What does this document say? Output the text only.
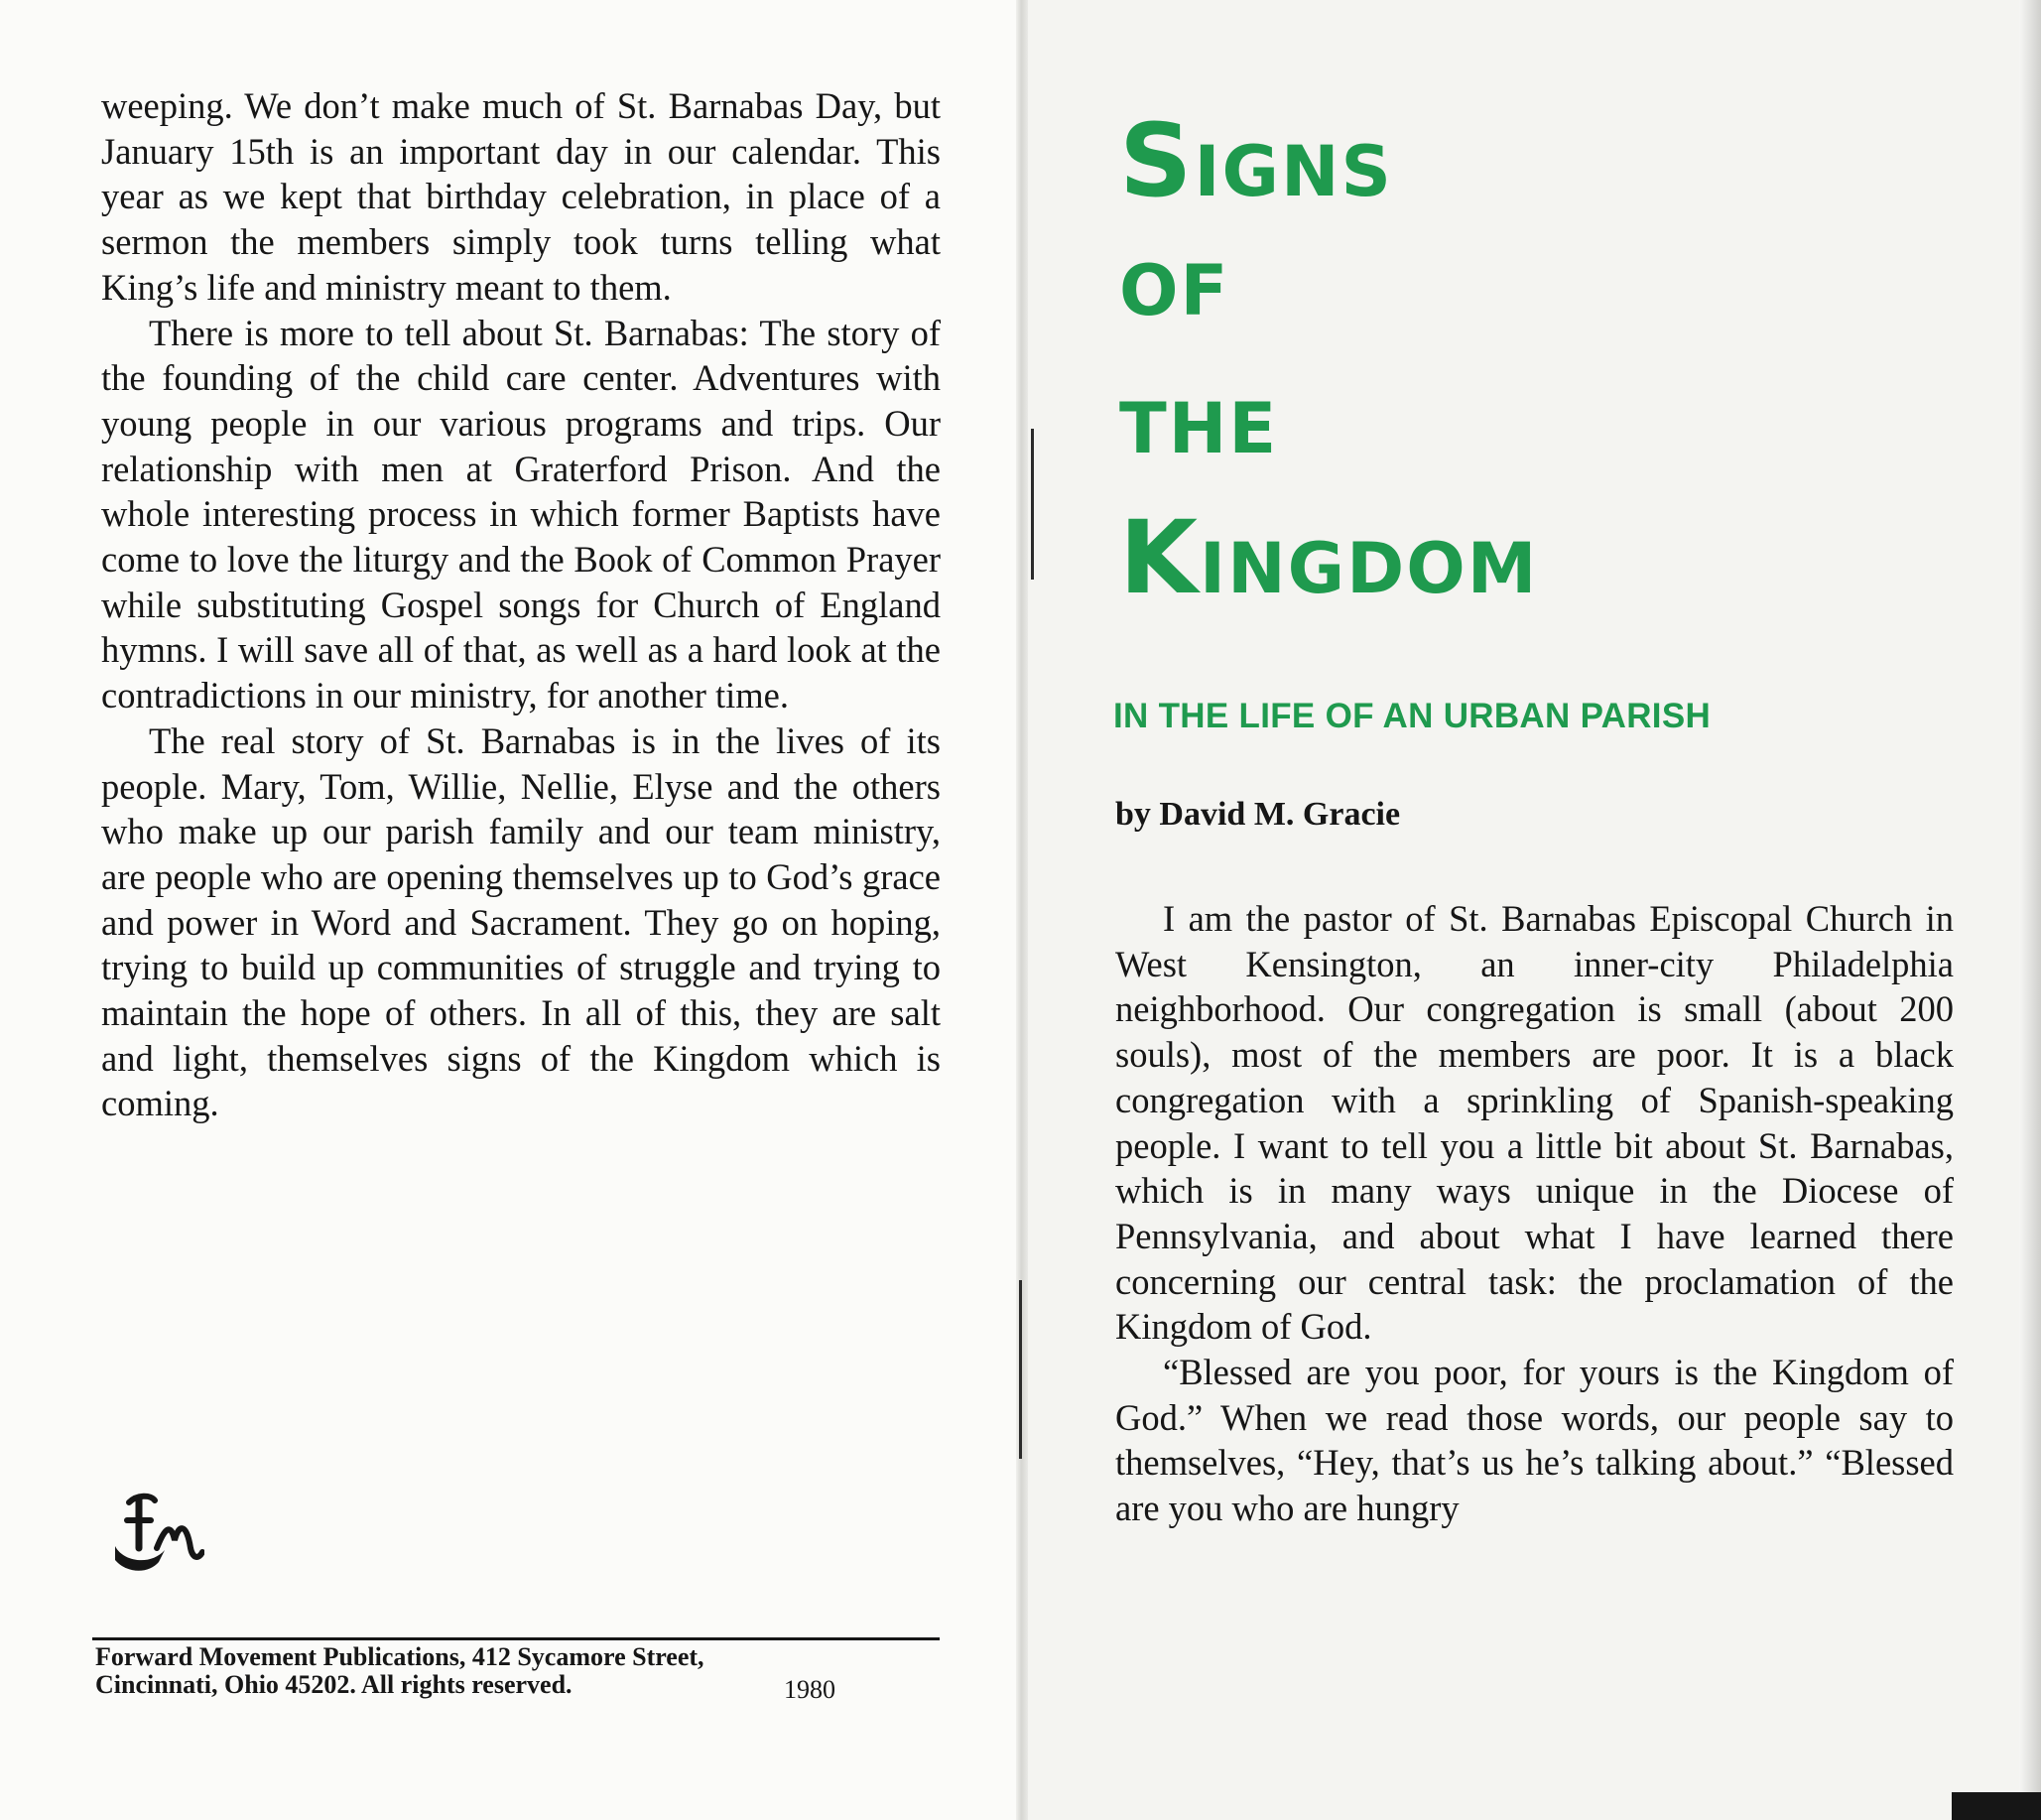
weeping. We don’t make much of St. Barnabas Day, but January 15th is an important day in our calendar. This year as we kept that birthday celebration, in place of a sermon the members simply took turns telling what King’s life and ministry meant to them.

There is more to tell about St. Barnabas: The story of the founding of the child care center. Adventures with young people in our various programs and trips. Our relationship with men at Graterford Prison. And the whole interesting process in which former Baptists have come to love the liturgy and the Book of Common Prayer while substituting Gospel songs for Church of England hymns. I will save all of that, as well as a hard look at the contradictions in our ministry, for another time.

The real story of St. Barnabas is in the lives of its people. Mary, Tom, Willie, Nellie, Elyse and the others who make up our parish family and our team ministry, are people who are opening themselves up to God’s grace and power in Word and Sacrament. They go on hoping, trying to build up communities of struggle and trying to maintain the hope of others. In all of this, they are salt and light, themselves signs of the Kingdom which is coming.

Forward Movement Publications, 412 Sycamore Street,
Cincinnati, Ohio 45202. All rights reserved.	1980
SIGNS
OF
THE
KINGDOM
IN THE LIFE OF AN URBAN PARISH
by David M. Gracie

I am the pastor of St. Barnabas Episcopal Church in West Kensington, an inner-city Philadelphia neighborhood. Our congregation is small (about 200 souls), most of the members are poor. It is a black congregation with a sprinkling of Spanish-speaking people. I want to tell you a little bit about St. Barnabas, which is in many ways unique in the Diocese of Pennsylvania, and about what I have learned there concerning our central task: the proclamation of the Kingdom of God.

“Blessed are you poor, for yours is the Kingdom of God.” When we read those words, our people say to themselves, “Hey, that’s us he’s talking about.” “Blessed are you who are hungry
